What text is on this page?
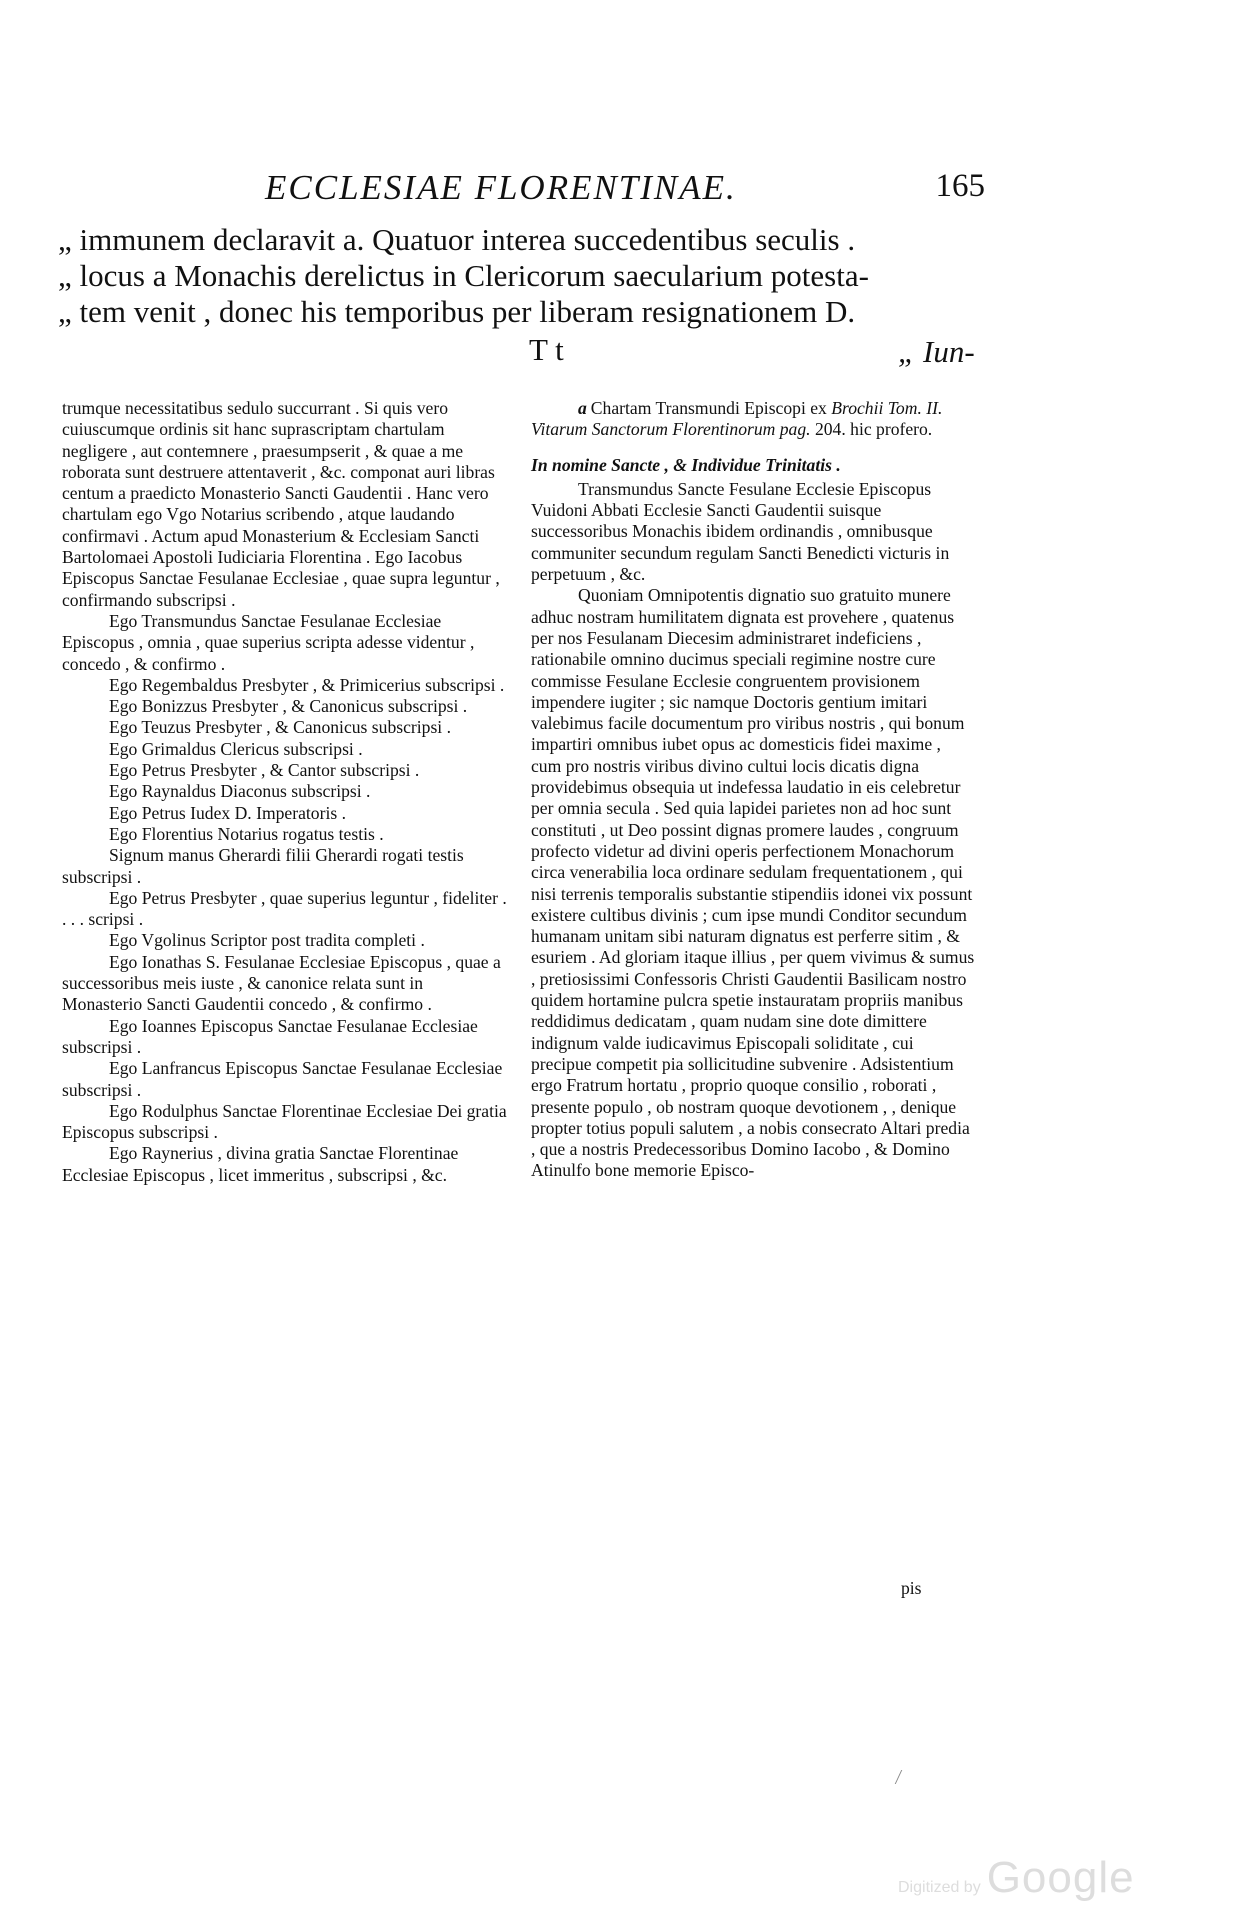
ECCLESIAE FLORENTINAE.	165
„ immunem declaravit a. Quatuor interea succedentibus seculis .
„ locus a Monachis derelictus in Clericorum saecularium potesta-
„ tem venit , donec his temporibus per liberam resignationem D.
T t	„ Iun-

trumque necessitatibus sedulo succurrant . Si quis vero cuiuscumque ordinis sit hanc suprascriptam chartulam negligere , aut contemnere , praesumpserit , & quae a me roborata sunt destruere attentaverit , &c. componat auri libras centum a praedicto Monasterio Sancti Gaudentii . Hanc vero chartulam ego Vgo Notarius scribendo , atque laudando confirmavi . Actum apud Monasterium & Ecclesiam Sancti Bartolomaei Apostoli Iudiciaria Florentina . Ego Iacobus Episcopus Sanctae Fesulanae Ecclesiae , quae supra leguntur , confirmando subscripsi .

Ego Transmundus Sanctae Fesulanae Ecclesiae Episcopus , omnia , quae superius scripta adesse videntur , concedo , & confirmo .

Ego Regembaldus Presbyter , & Primicerius subscripsi .

Ego Bonizzus Presbyter , & Canonicus subscripsi .

Ego Teuzus Presbyter , & Canonicus subscripsi .

Ego Grimaldus Clericus subscripsi .

Ego Petrus Presbyter , & Cantor subscripsi .

Ego Raynaldus Diaconus subscripsi .

Ego Petrus Iudex D. Imperatoris .

Ego Florentius Notarius rogatus testis .

Signum manus Gherardi filii Gherardi rogati testis subscripsi .

Ego Petrus Presbyter , quae superius leguntur , fideliter . . . . scripsi .

Ego Vgolinus Scriptor post tradita completi .

Ego Ionathas S. Fesulanae Ecclesiae Episcopus , quae a successoribus meis iuste , & canonice relata sunt in Monasterio Sancti Gaudentii concedo , & confirmo .

Ego Ioannes Episcopus Sanctae Fesulanae Ecclesiae subscripsi .

Ego Lanfrancus Episcopus Sanctae Fesulanae Ecclesiae subscripsi .

Ego Rodulphus Sanctae Florentinae Ecclesiae Dei gratia Episcopus subscripsi .

Ego Raynerius , divina gratia Sanctae Florentinae Ecclesiae Episcopus , licet immeritus , subscripsi , &c.

a Chartam Transmundi Episcopi ex Brochii Tom. II. Vitarum Sanctorum Florentinorum pag. 204. hic profero.

In nomine Sancte , & Individue Trinitatis .

Transmundus Sancte Fesulane Ecclesie Episcopus Vuidoni Abbati Ecclesie Sancti Gaudentii suisque successoribus Monachis ibidem ordinandis , omnibusque communiter secundum regulam Sancti Benedicti victuris in perpetuum , &c.

Quoniam Omnipotentis dignatio suo gratuito munere adhuc nostram humilitatem dignata est provehere , quatenus per nos Fesulanam Diecesim administraret indeficiens , rationabile omnino ducimus speciali regimine nostre cure commisse Fesulane Ecclesie congruentem provisionem impendere iugiter ; sic namque Doctoris gentium imitari valebimus facile documentum pro viribus nostris , qui bonum impartiri omnibus iubet opus ac domesticis fidei maxime , cum pro nostris viribus divino cultui locis dicatis digna providebimus obsequia ut indefessa laudatio in eis celebretur per omnia secula . Sed quia lapidei parietes non ad hoc sunt constituti , ut Deo possint dignas promere laudes , congruum profecto videtur ad divini operis perfectionem Monachorum circa venerabilia loca ordinare sedulam frequentationem , qui nisi terrenis temporalis substantie stipendiis idonei vix possunt existere cultibus divinis ; cum ipse mundi Conditor secundum humanam unitam sibi naturam dignatus est perferre sitim , & esuriem . Ad gloriam itaque illius , per quem vivimus & sumus , pretiosissimi Confessoris Christi Gaudentii Basilicam nostro quidem hortamine pulcra spetie instauratam propriis manibus reddidimus dedicatam , quam nudam sine dote dimittere indignum valde iudicavimus Episcopali soliditate , cui precipue competit pia sollicitudine subvenire . Adsistentium ergo Fratrum hortatu , proprio quoque consilio , roborati , presente populo , ob nostram quoque devotionem , , denique propter totius populi salutem , a nobis consecrato Altari predia , que a nostris Predecessoribus Domino Iacobo , & Domino Atinulfo bone memorie Episco-

pis
Digitized by Google
